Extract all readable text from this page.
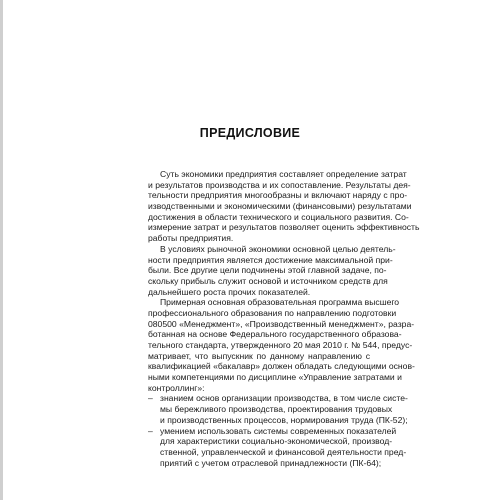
ПРЕДИСЛОВИЕ
Суть экономики предприятия составляет определение затрат
и результатов производства и их сопоставление. Результаты дея-
тельности предприятия многообразны и включают наряду с про-
изводственными и экономическими (финансовыми) результатами
достижения в области технического и социального развития. Со-
измерение затрат и результатов позволяет оценить эффективность
работы предприятия.
В условиях рыночной экономики основной целью деятель-
ности предприятия является достижение максимальной при-
были. Все другие цели подчинены этой главной задаче, по-
скольку прибыль служит основой и источником средств для
дальнейшего роста прочих показателей.
Примерная основная образовательная программа высшего
профессионального образования по направлению подготовки
080500 «Менеджмент», «Производственный менеджмент», разра-
ботанная на основе Федерального государственного образова-
тельного стандарта, утвержденного 20 мая 2010 г. № 544, предус-
матривает, что выпускник по данному направлению с
квалификацией «бакалавр» должен обладать следующими основ-
ными компетенциями по дисциплине «Управление затратами и
контроллинг»:
– знанием основ организации производства, в том числе систе-
мы бережливого производства, проектирования трудовых
и производственных процессов, нормирования труда (ПК-52);
– умением использовать системы современных показателей
для характеристики социально-экономической, производ-
ственной, управленческой и финансовой деятельности пред-
приятий с учетом отраслевой принадлежности (ПК-64);
